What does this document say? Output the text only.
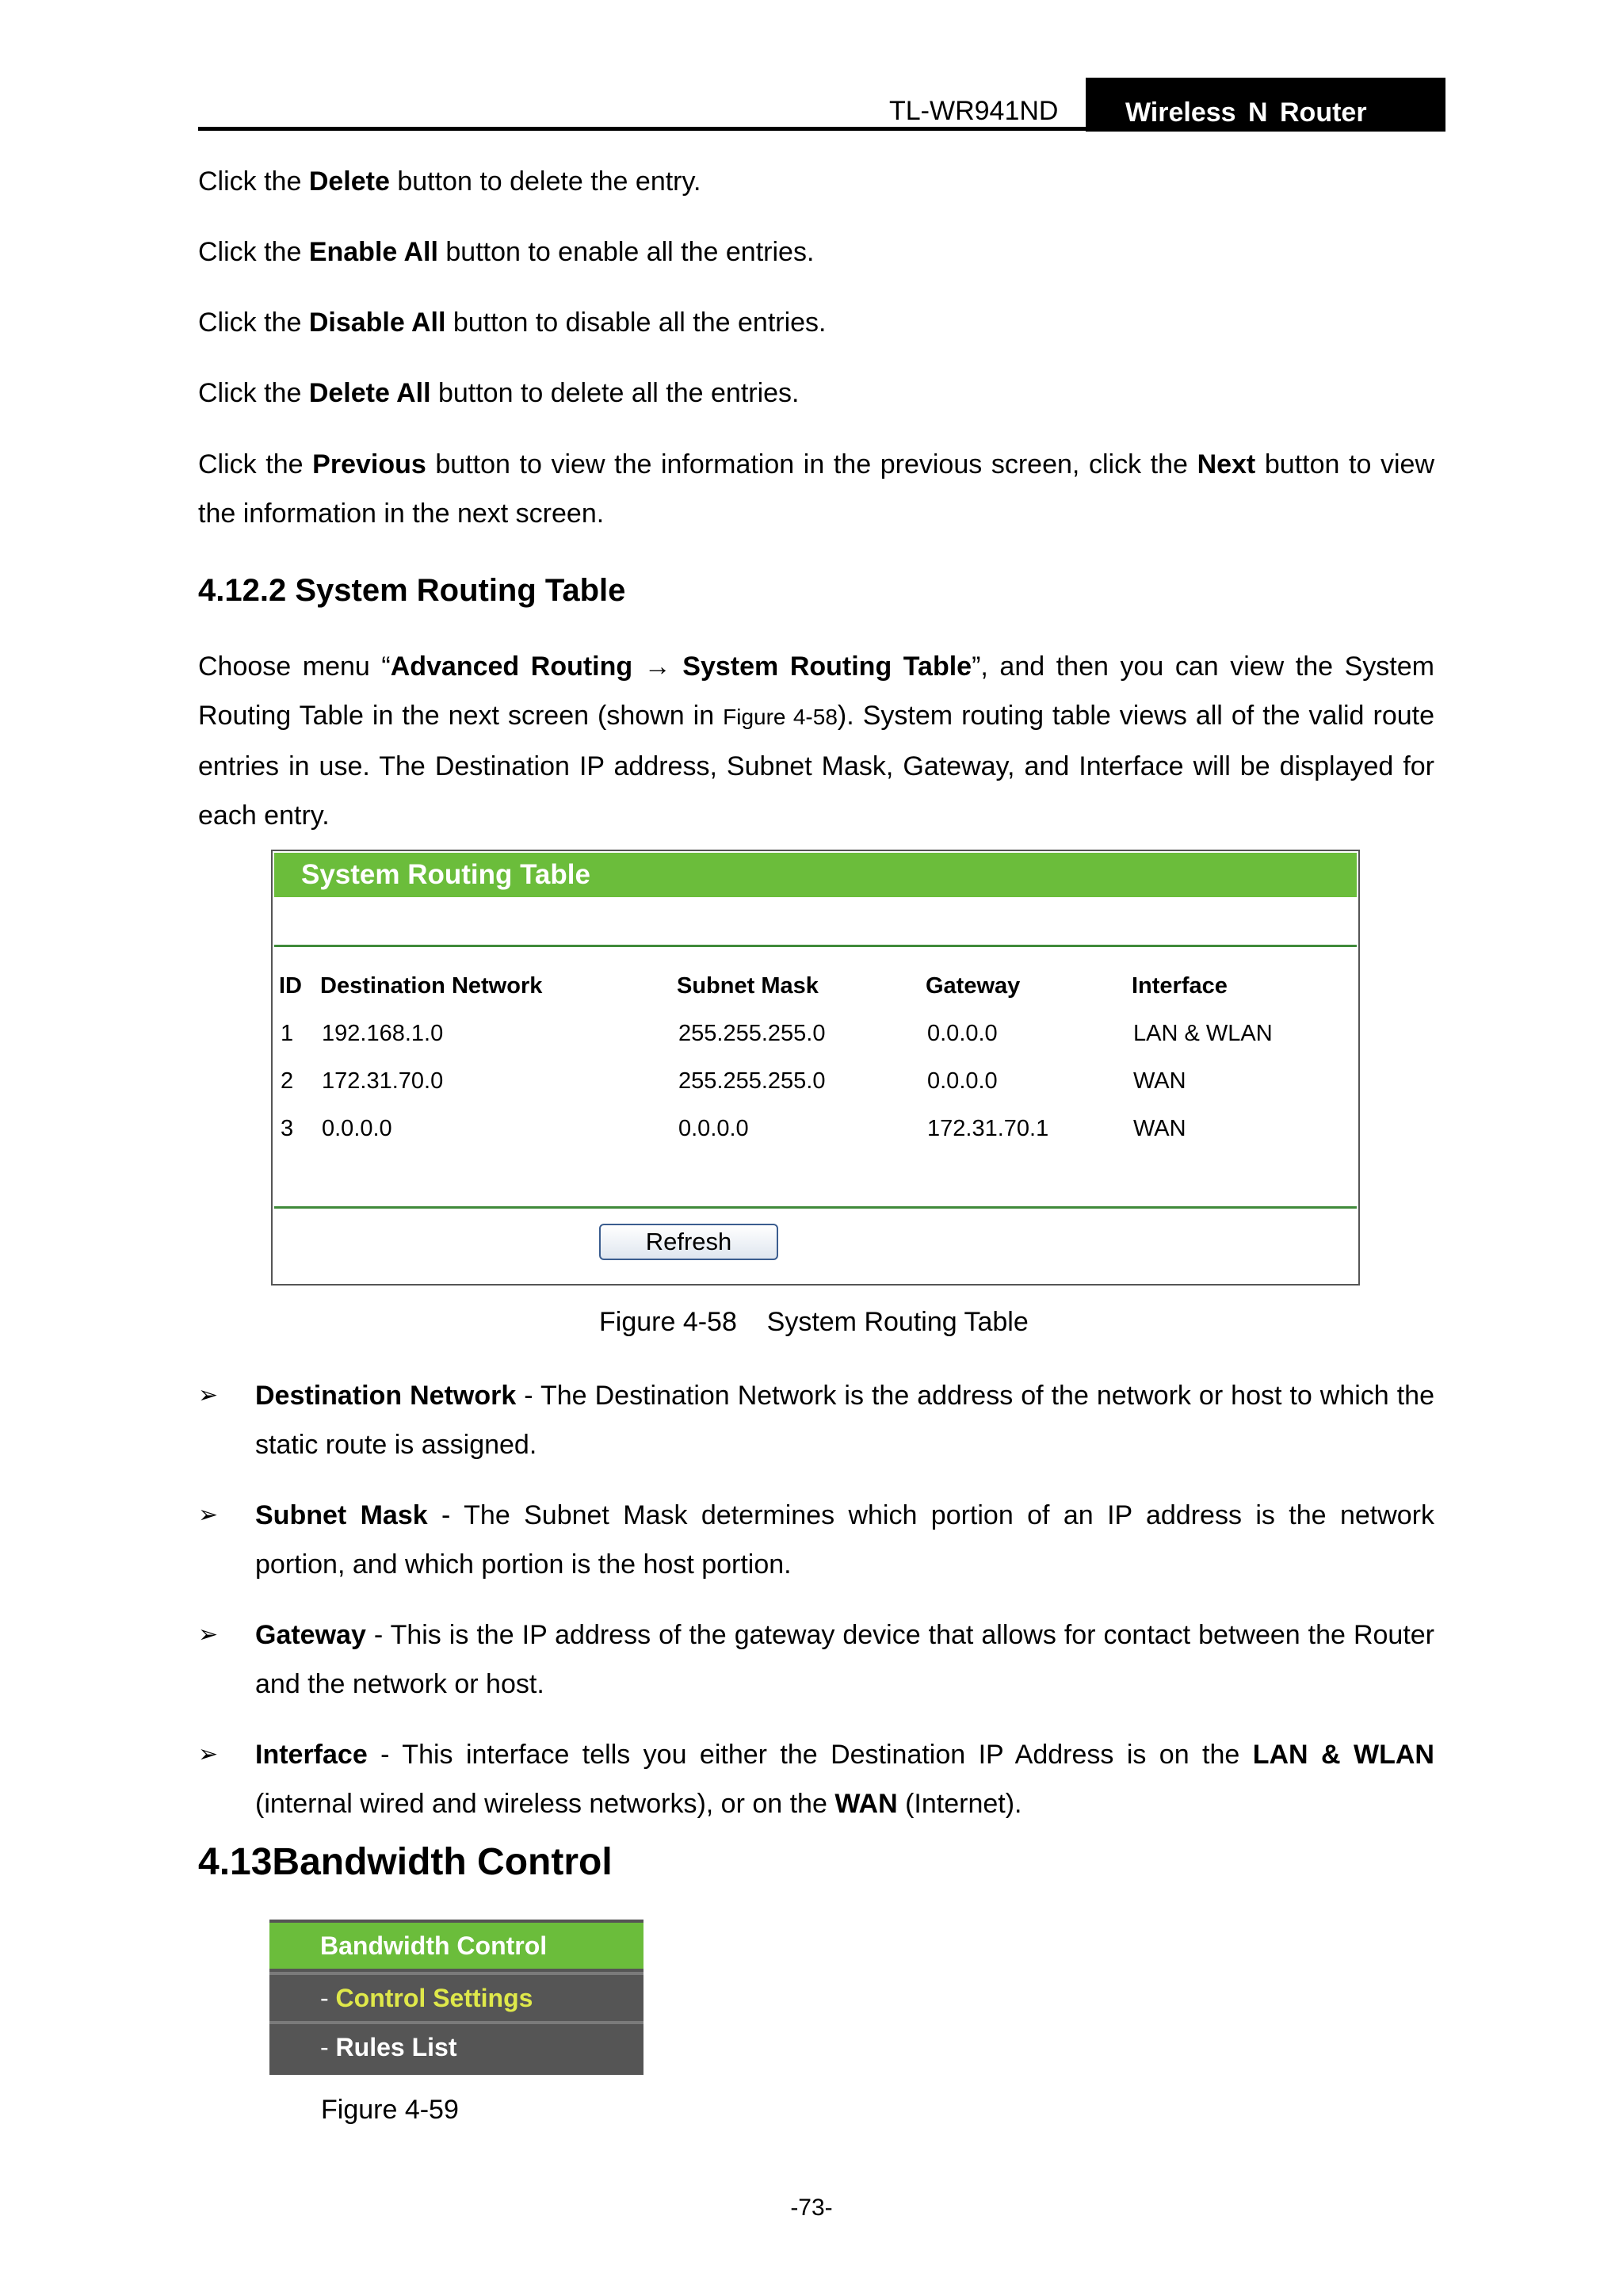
TL-WR941ND	Wireless N Router

Click the Delete button to delete the entry.

Click the Enable All button to enable all the entries.

Click the Disable All button to disable all the entries.

Click the Delete All button to delete all the entries.

Click the Previous button to view the information in the previous screen, click the Next button to view the information in the next screen.

4.12.2 System Routing Table

Choose menu “Advanced Routing → System Routing Table”, and then you can view the System Routing Table in the next screen (shown in Figure 4-58). System routing table views all of the valid route entries in use. The Destination IP address, Subnet Mask, Gateway, and Interface will be displayed for each entry.

System Routing Table
ID Destination Network	Subnet Mask	Gateway	Interface
1 192.168.1.0	255.255.255.0	0.0.0.0	LAN & WLAN
2 172.31.70.0	255.255.255.0	0.0.0.0	WAN
3 0.0.0.0	0.0.0.0	172.31.70.1	WAN
Refresh
Figure 4-58    System Routing Table
➢ Destination Network - The Destination Network is the address of the network or host to which the static route is assigned.

➢ Subnet Mask - The Subnet Mask determines which portion of an IP address is the network portion, and which portion is the host portion.

➢ Gateway - This is the IP address of the gateway device that allows for contact between the Router and the network or host.

➢ Interface - This interface tells you either the Destination IP Address is on the LAN & WLAN (internal wired and wireless networks), or on the WAN (Internet).

4.13Bandwidth Control
Bandwidth Control
- Control Settings
- Rules List
Figure 4-59
-73-
